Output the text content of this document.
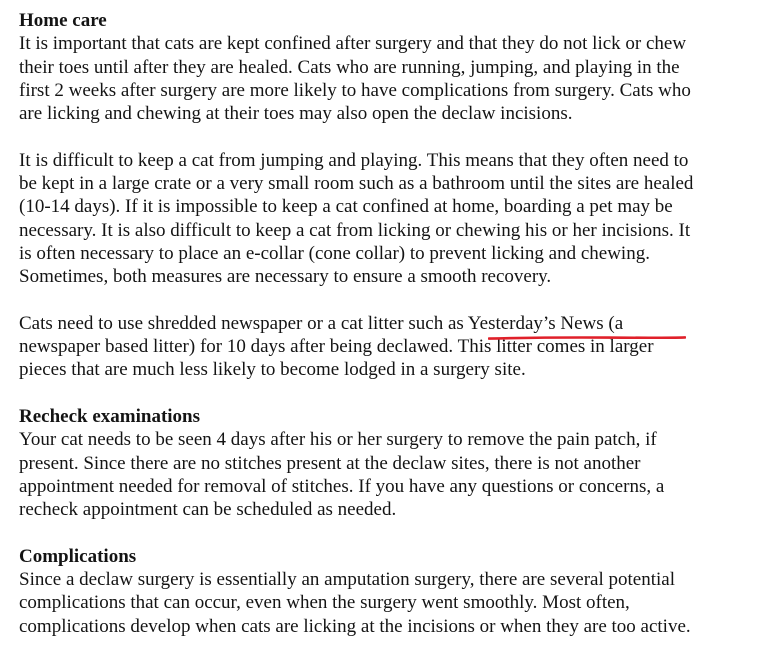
Home care
It is important that cats are kept confined after surgery and that they do not lick or chew
their toes until after they are healed. Cats who are running, jumping, and playing in the
first 2 weeks after surgery are more likely to have complications from surgery. Cats who
are licking and chewing at their toes may also open the declaw incisions.
It is difficult to keep a cat from jumping and playing. This means that they often need to
be kept in a large crate or a very small room such as a bathroom until the sites are healed
(10-14 days). If it is impossible to keep a cat confined at home, boarding a pet may be
necessary. It is also difficult to keep a cat from licking or chewing his or her incisions. It
is often necessary to place an e-collar (cone collar) to prevent licking and chewing.
Sometimes, both measures are necessary to ensure a smooth recovery.
Cats need to use shredded newspaper or a cat litter such as Yesterday’s News (a
newspaper based litter) for 10 days after being declawed. This litter comes in larger
pieces that are much less likely to become lodged in a surgery site.
Recheck examinations
Your cat needs to be seen 4 days after his or her surgery to remove the pain patch, if
present. Since there are no stitches present at the declaw sites, there is not another
appointment needed for removal of stitches. If you have any questions or concerns, a
recheck appointment can be scheduled as needed.
Complications
Since a declaw surgery is essentially an amputation surgery, there are several potential
complications that can occur, even when the surgery went smoothly. Most often,
complications develop when cats are licking at the incisions or when they are too active.
